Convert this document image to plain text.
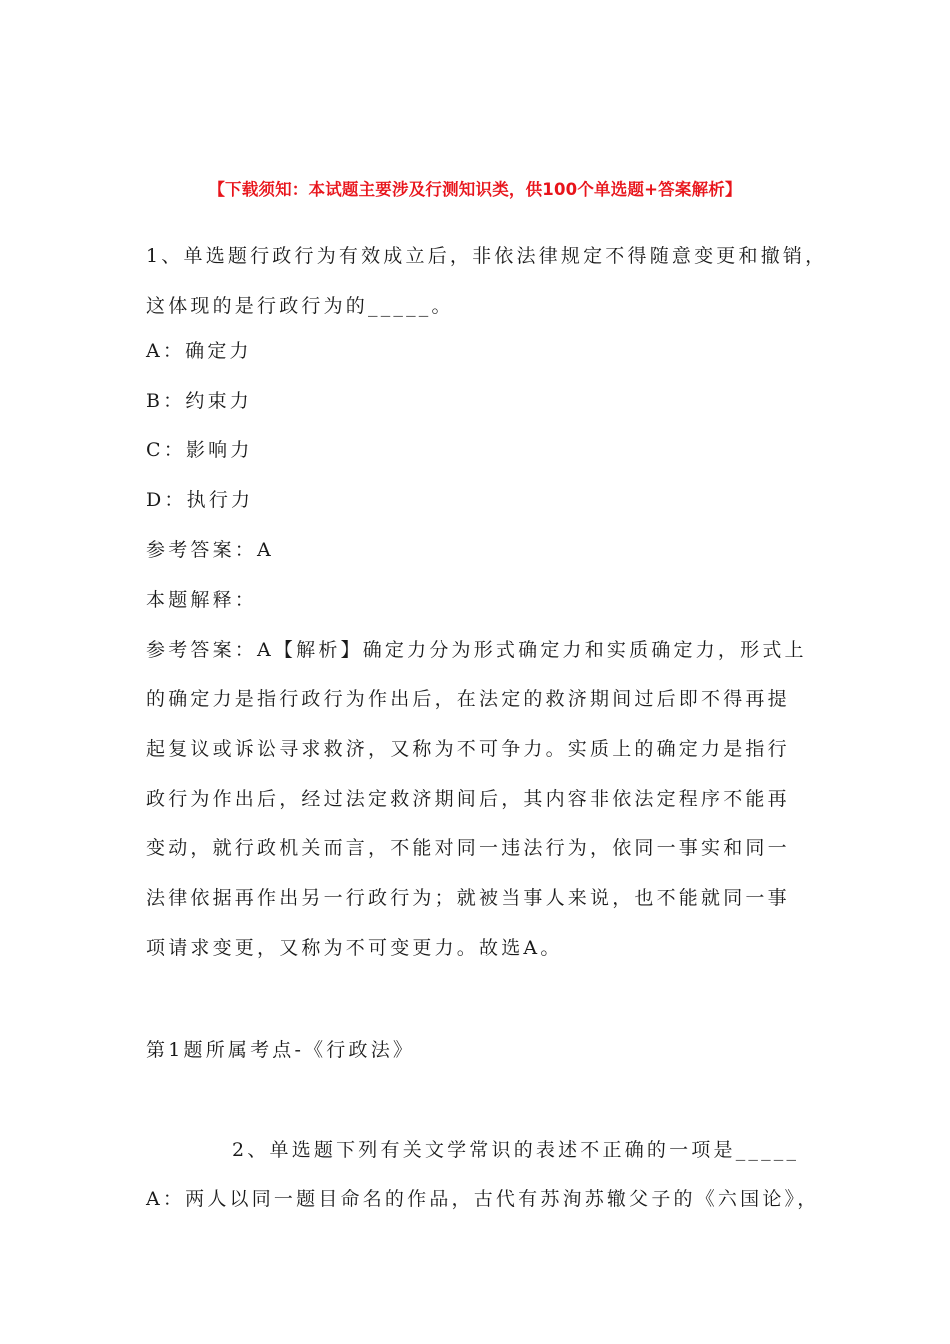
【下载须知：本试题主要涉及行测知识类，供100个单选题+答案解析】
1、单选题行政行为有效成立后，非依法律规定不得随意变更和撤销，
这体现的是行政行为的_____。
A：确定力
B：约束力
C：影响力
D：执行力
参考答案：A
本题解释：
参考答案：A【解析】确定力分为形式确定力和实质确定力，形式上
的确定力是指行政行为作出后，在法定的救济期间过后即不得再提
起复议或诉讼寻求救济，又称为不可争力。实质上的确定力是指行
政行为作出后，经过法定救济期间后，其内容非依法定程序不能再
变动，就行政机关而言，不能对同一违法行为，依同一事实和同一
法律依据再作出另一行政行为；就被当事人来说，也不能就同一事
项请求变更，又称为不可变更力。故选A。
第1题所属考点-《行政法》
2、单选题下列有关文学常识的表述不正确的一项是_____
A：两人以同一题目命名的作品，古代有苏洵苏辙父子的《六国论》，
